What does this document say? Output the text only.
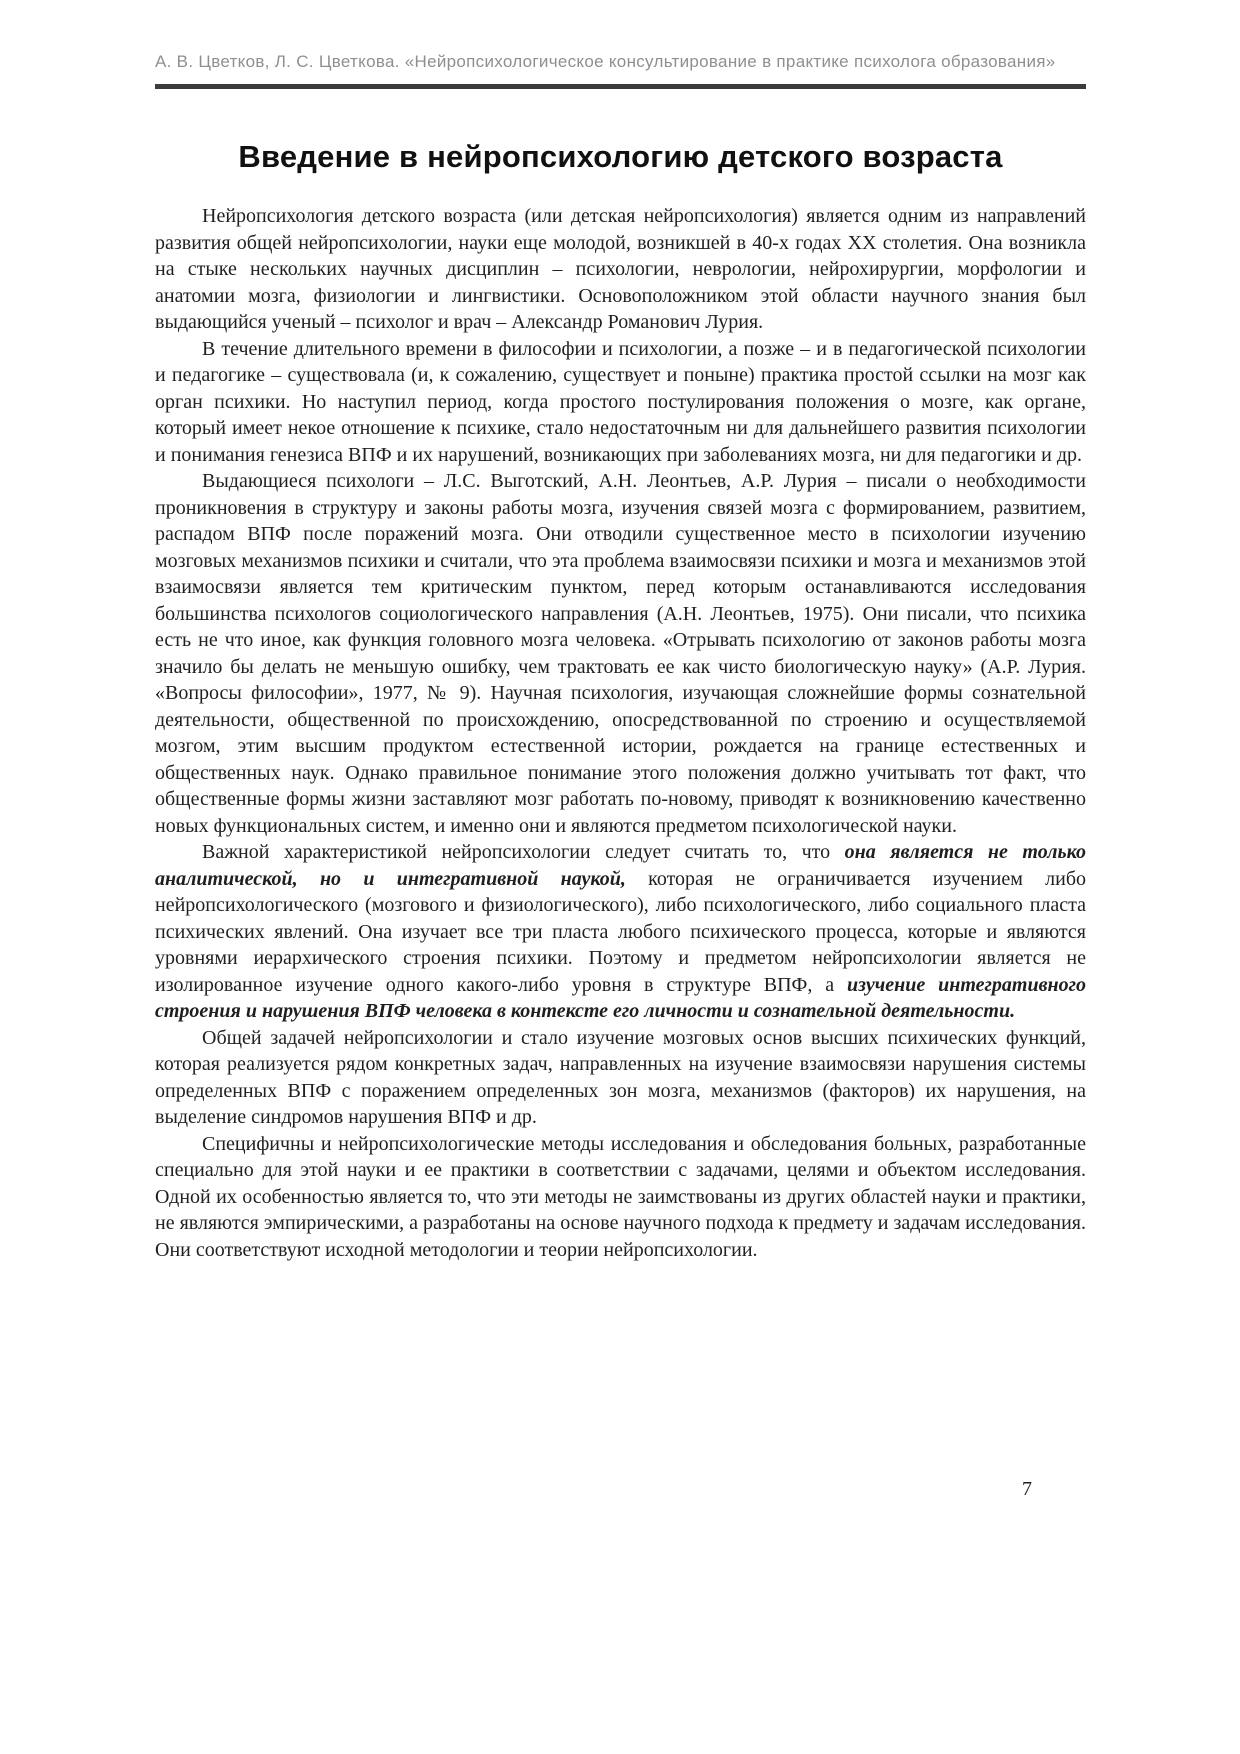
А. В. Цветков, Л. С. Цветкова. «Нейропсихологическое консультирование в практике психолога образования»
Введение в нейропсихологию детского возраста

Нейропсихология детского возраста (или детская нейропсихология) является одним из направлений развития общей нейропсихологии, науки еще молодой, возникшей в 40-х годах XX столетия. Она возникла на стыке нескольких научных дисциплин – психологии, неврологии, нейрохирургии, морфологии и анатомии мозга, физиологии и лингвистики. Основоположником этой области научного знания был выдающийся ученый – психолог и врач – Александр Романович Лурия.

В течение длительного времени в философии и психологии, а позже – и в педагогической психологии и педагогике – существовала (и, к сожалению, существует и поныне) практика простой ссылки на мозг как орган психики. Но наступил период, когда простого постулирования положения о мозге, как органе, который имеет некое отношение к психике, стало недостаточным ни для дальнейшего развития психологии и понимания генезиса ВПФ и их нарушений, возникающих при заболеваниях мозга, ни для педагогики и др.

Выдающиеся психологи – Л.С. Выготский, А.Н. Леонтьев, А.Р. Лурия – писали о необходимости проникновения в структуру и законы работы мозга, изучения связей мозга с формированием, развитием, распадом ВПФ после поражений мозга. Они отводили существенное место в психологии изучению мозговых механизмов психики и считали, что эта проблема взаимосвязи психики и мозга и механизмов этой взаимосвязи является тем критическим пунктом, перед которым останавливаются исследования большинства психологов социологического направления (А.Н. Леонтьев, 1975). Они писали, что психика есть не что иное, как функция головного мозга человека. «Отрывать психологию от законов работы мозга значило бы делать не меньшую ошибку, чем трактовать ее как чисто биологическую науку» (А.Р. Лурия. «Вопросы философии», 1977, № 9). Научная психология, изучающая сложнейшие формы сознательной деятельности, общественной по происхождению, опосредствованной по строению и осуществляемой мозгом, этим высшим продуктом естественной истории, рождается на границе естественных и общественных наук. Однако правильное понимание этого положения должно учитывать тот факт, что общественные формы жизни заставляют мозг работать по-новому, приводят к возникновению качественно новых функциональных систем, и именно они и являются предметом психологической науки.

Важной характеристикой нейропсихологии следует считать то, что она является не только аналитической, но и интегративной наукой, которая не ограничивается изучением либо нейропсихологического (мозгового и физиологического), либо психологического, либо социального пласта психических явлений. Она изучает все три пласта любого психического процесса, которые и являются уровнями иерархического строения психики. Поэтому и предметом нейропсихологии является не изолированное изучение одного какого-либо уровня в структуре ВПФ, а изучение интегративного строения и нарушения ВПФ человека в контексте его личности и сознательной деятельности.

Общей задачей нейропсихологии и стало изучение мозговых основ высших психических функций, которая реализуется рядом конкретных задач, направленных на изучение взаимосвязи нарушения системы определенных ВПФ с поражением определенных зон мозга, механизмов (факторов) их нарушения, на выделение синдромов нарушения ВПФ и др.

Специфичны и нейропсихологические методы исследования и обследования больных, разработанные специально для этой науки и ее практики в соответствии с задачами, целями и объектом исследования. Одной их особенностью является то, что эти методы не заимствованы из других областей науки и практики, не являются эмпирическими, а разработаны на основе научного подхода к предмету и задачам исследования. Они соответствуют исходной методологии и теории нейропсихологии.

7
